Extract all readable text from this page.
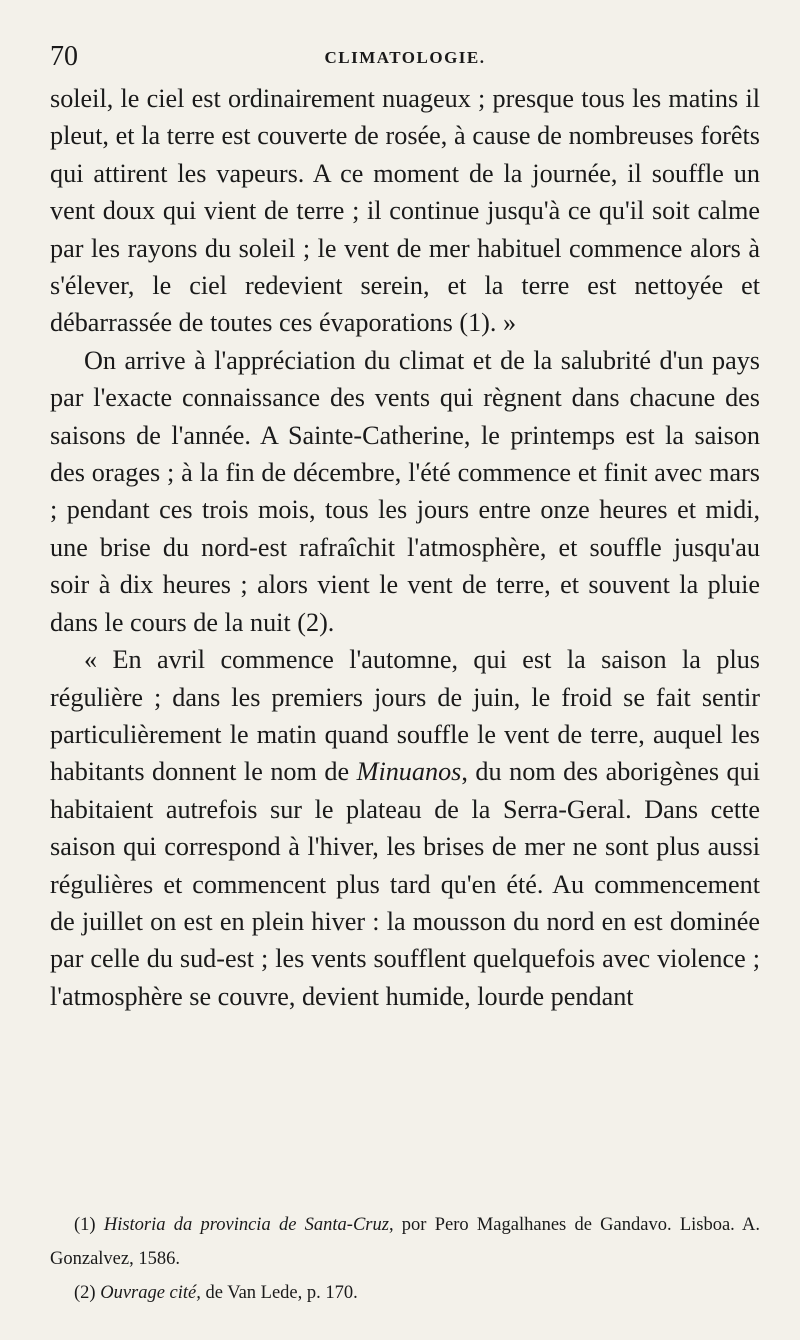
70	CLIMATOLOGIE.

soleil, le ciel est ordinairement nuageux ; presque tous les matins il pleut, et la terre est couverte de rosée, à cause de nombreuses forêts qui attirent les vapeurs. A ce moment de la journée, il souffle un vent doux qui vient de terre ; il continue jusqu'à ce qu'il soit calme par les rayons du soleil ; le vent de mer habituel commence alors à s'élever, le ciel redevient serein, et la terre est nettoyée et débarrassée de toutes ces évaporations (1). »

On arrive à l'appréciation du climat et de la salubrité d'un pays par l'exacte connaissance des vents qui règnent dans chacune des saisons de l'année. A Sainte-Catherine, le printemps est la saison des orages ; à la fin de décembre, l'été commence et finit avec mars ; pendant ces trois mois, tous les jours entre onze heures et midi, une brise du nord-est rafraîchit l'atmosphère, et souffle jusqu'au soir à dix heures ; alors vient le vent de terre, et souvent la pluie dans le cours de la nuit (2).

« En avril commence l'automne, qui est la saison la plus régulière ; dans les premiers jours de juin, le froid se fait sentir particulièrement le matin quand souffle le vent de terre, auquel les habitants donnent le nom de Minuanos, du nom des aborigènes qui habitaient autrefois sur le plateau de la Serra-Geral. Dans cette saison qui correspond à l'hiver, les brises de mer ne sont plus aussi régulières et commencent plus tard qu'en été. Au commencement de juillet on est en plein hiver : la mousson du nord en est dominée par celle du sud-est ; les vents soufflent quelquefois avec violence ; l'atmosphère se couvre, devient humide, lourde pendant

(1) Historia da provincia de Santa-Cruz, por Pero Magalhanes de Gandavo. Lisboa. A. Gonzalvez, 1586.

(2) Ouvrage cité, de Van Lede, p. 170.
